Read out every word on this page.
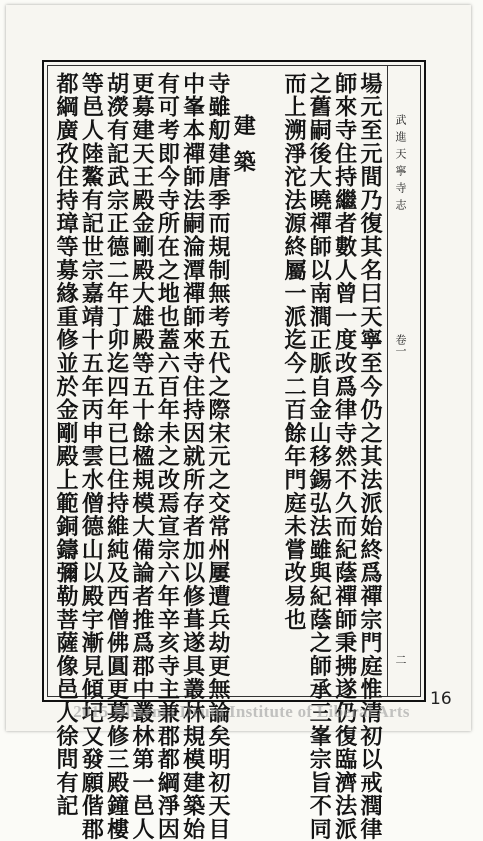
場元至元間乃復其名曰天寧至今仍之其法派始終爲禪宗門庭惟清初以戒潤律
師來寺住持繼者數人曾一度改爲律寺然不久而紀蔭禪師秉拂遂仍復臨濟法派
之舊嗣後大曉禪師以南澗正脈自金山移錫弘法雖與紀蔭之師承三峯宗旨不同
而上溯淨沱法源終屬一派迄今二百餘年門庭未嘗改易也
建築
寺雖舠建唐季而規制無考五代之際宋元之交常州屢遭兵劫更無論矣明初天目
中峯本禪師法嗣淪潭禪師來寺住持因就所存者加以修葺遂具叢林規模建築始
有可考即今寺所在之地也蓋六百年未之改焉宣宗六年辛亥寺主兼郡都綱淨因
更募建天王殿金剛殿大雄殿等五十餘楹規模大備論者推爲郡中叢林第一邑人
胡濙有記武宗正德二年丁卯迄四年已巳住持維純及西僧佛圓更募修三殿鐘樓
等邑人陸鰲有記世宗嘉靖十五年丙申雲水僧德山以殿宇漸見傾圮又發願偕郡
都綱廣孜住持璋等募緣重修並於金剛殿上範銅鑄彌勒菩薩像邑人徐問有記	武進天寧寺志
卷一
二
16
2015 Dharma Drum Institute of Liberal Arts
